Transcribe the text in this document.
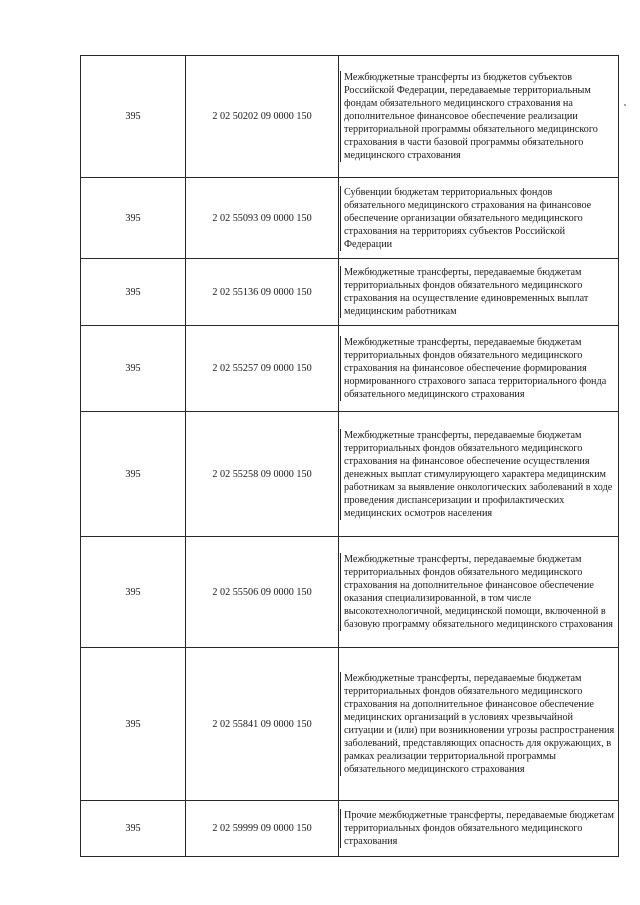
395	2 02 50202 09 0000 150	Межбюджетные трансферты из бюджетов субъектов Российской Федерации, передаваемые территориальным фондам обязательного медицинского страхования на дополнительное финансовое обеспечение реализации территориальной программы обязательного медицинского страхования в части базовой программы обязательного медицинского страхования

395	2 02 55093 09 0000 150	Субвенции бюджетам территориальных фондов обязательного медицинского страхования на финансовое обеспечение организации обязательного медицинского страхования на территориях субъектов Российской Федерации

395	2 02 55136 09 0000 150	Межбюджетные трансферты, передаваемые бюджетам территориальных фондов обязательного медицинского страхования на осуществление единовременных выплат медицинским работникам

395	2 02 55257 09 0000 150	Межбюджетные трансферты, передаваемые бюджетам территориальных фондов обязательного медицинского страхования на финансовое обеспечение формирования нормированного страхового запаса территориального фонда обязательного медицинского страхования

395	2 02 55258 09 0000 150	Межбюджетные трансферты, передаваемые бюджетам территориальных фондов обязательного медицинского страхования на финансовое обеспечение осуществления денежных выплат стимулирующего характера медицинским работникам за выявление онкологических заболеваний в ходе проведения диспансеризации и профилактических медицинских осмотров населения

395	2 02 55506 09 0000 150	Межбюджетные трансферты, передаваемые бюджетам территориальных фондов обязательного медицинского страхования на дополнительное финансовое обеспечение оказания специализированной, в том числе высокотехнологичной, медицинской помощи, включенной в базовую программу обязательного медицинского страхования

395	2 02 55841 09 0000 150	Межбюджетные трансферты, передаваемые бюджетам территориальных фондов обязательного медицинского страхования на дополнительное финансовое обеспечение медицинских организаций в условиях чрезвычайной ситуации и (или) при возникновении угрозы распространения заболеваний, представляющих опасность для окружающих, в рамках реализации территориальной программы обязательного медицинского страхования

395	2 02 59999 09 0000 150	Прочие межбюджетные трансферты, передаваемые бюджетам территориальных фондов обязательного медицинского страхования
